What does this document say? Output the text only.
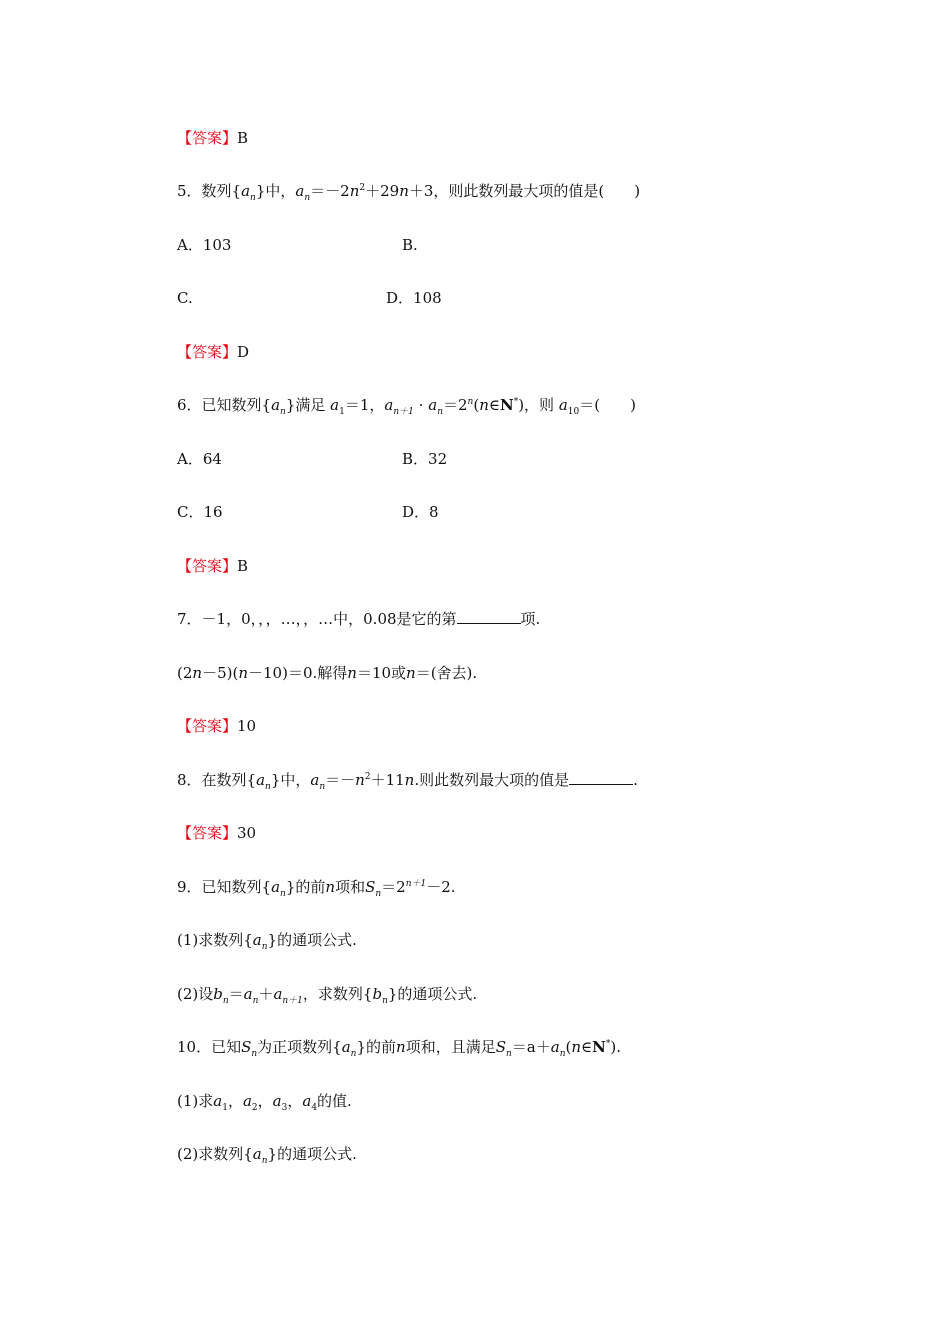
【答案】B
5．数列$\{a_n\}$中，$a_n=-2n^2+29n+3$，则此数列最大项的值是(　　)
A．103	B.
C.	D．108
【答案】D
6．已知数列$\{a_n\}$满足 $a_1=1$，$a_{n+1}$ · $a_n=2^n(n\in N^*)$，则 $a_{10}=$(　　)
A．64	B．32
C．16	D．8
【答案】B
7．－1，0，，，…，，…中，0.08是它的第	项.
(2n－5)(n－10)＝0.解得n＝10或n＝(舍去).
【答案】10
8．在数列$\{a_n\}$中，$a_n=-n^2+11n$.则此数列最大项的值是	.
【答案】30
9．已知数列$\{a_n\}$的前n项和$S_n=2^{n+1}-2$.
(1)求数列$\{a_n\}$的通项公式.
(2)设$b_n=a_n+a_{n+1}$，求数列$\{b_n\}$的通项公式.
10．已知$S_n$为正项数列$\{a_n\}$的前n项和，且满足$S_n=a+a_n(n\in N^*)$.
(1)求$a_1$，$a_2$，$a_3$，$a_4$的值.
(2)求数列$\{a_n\}$的通项公式.
